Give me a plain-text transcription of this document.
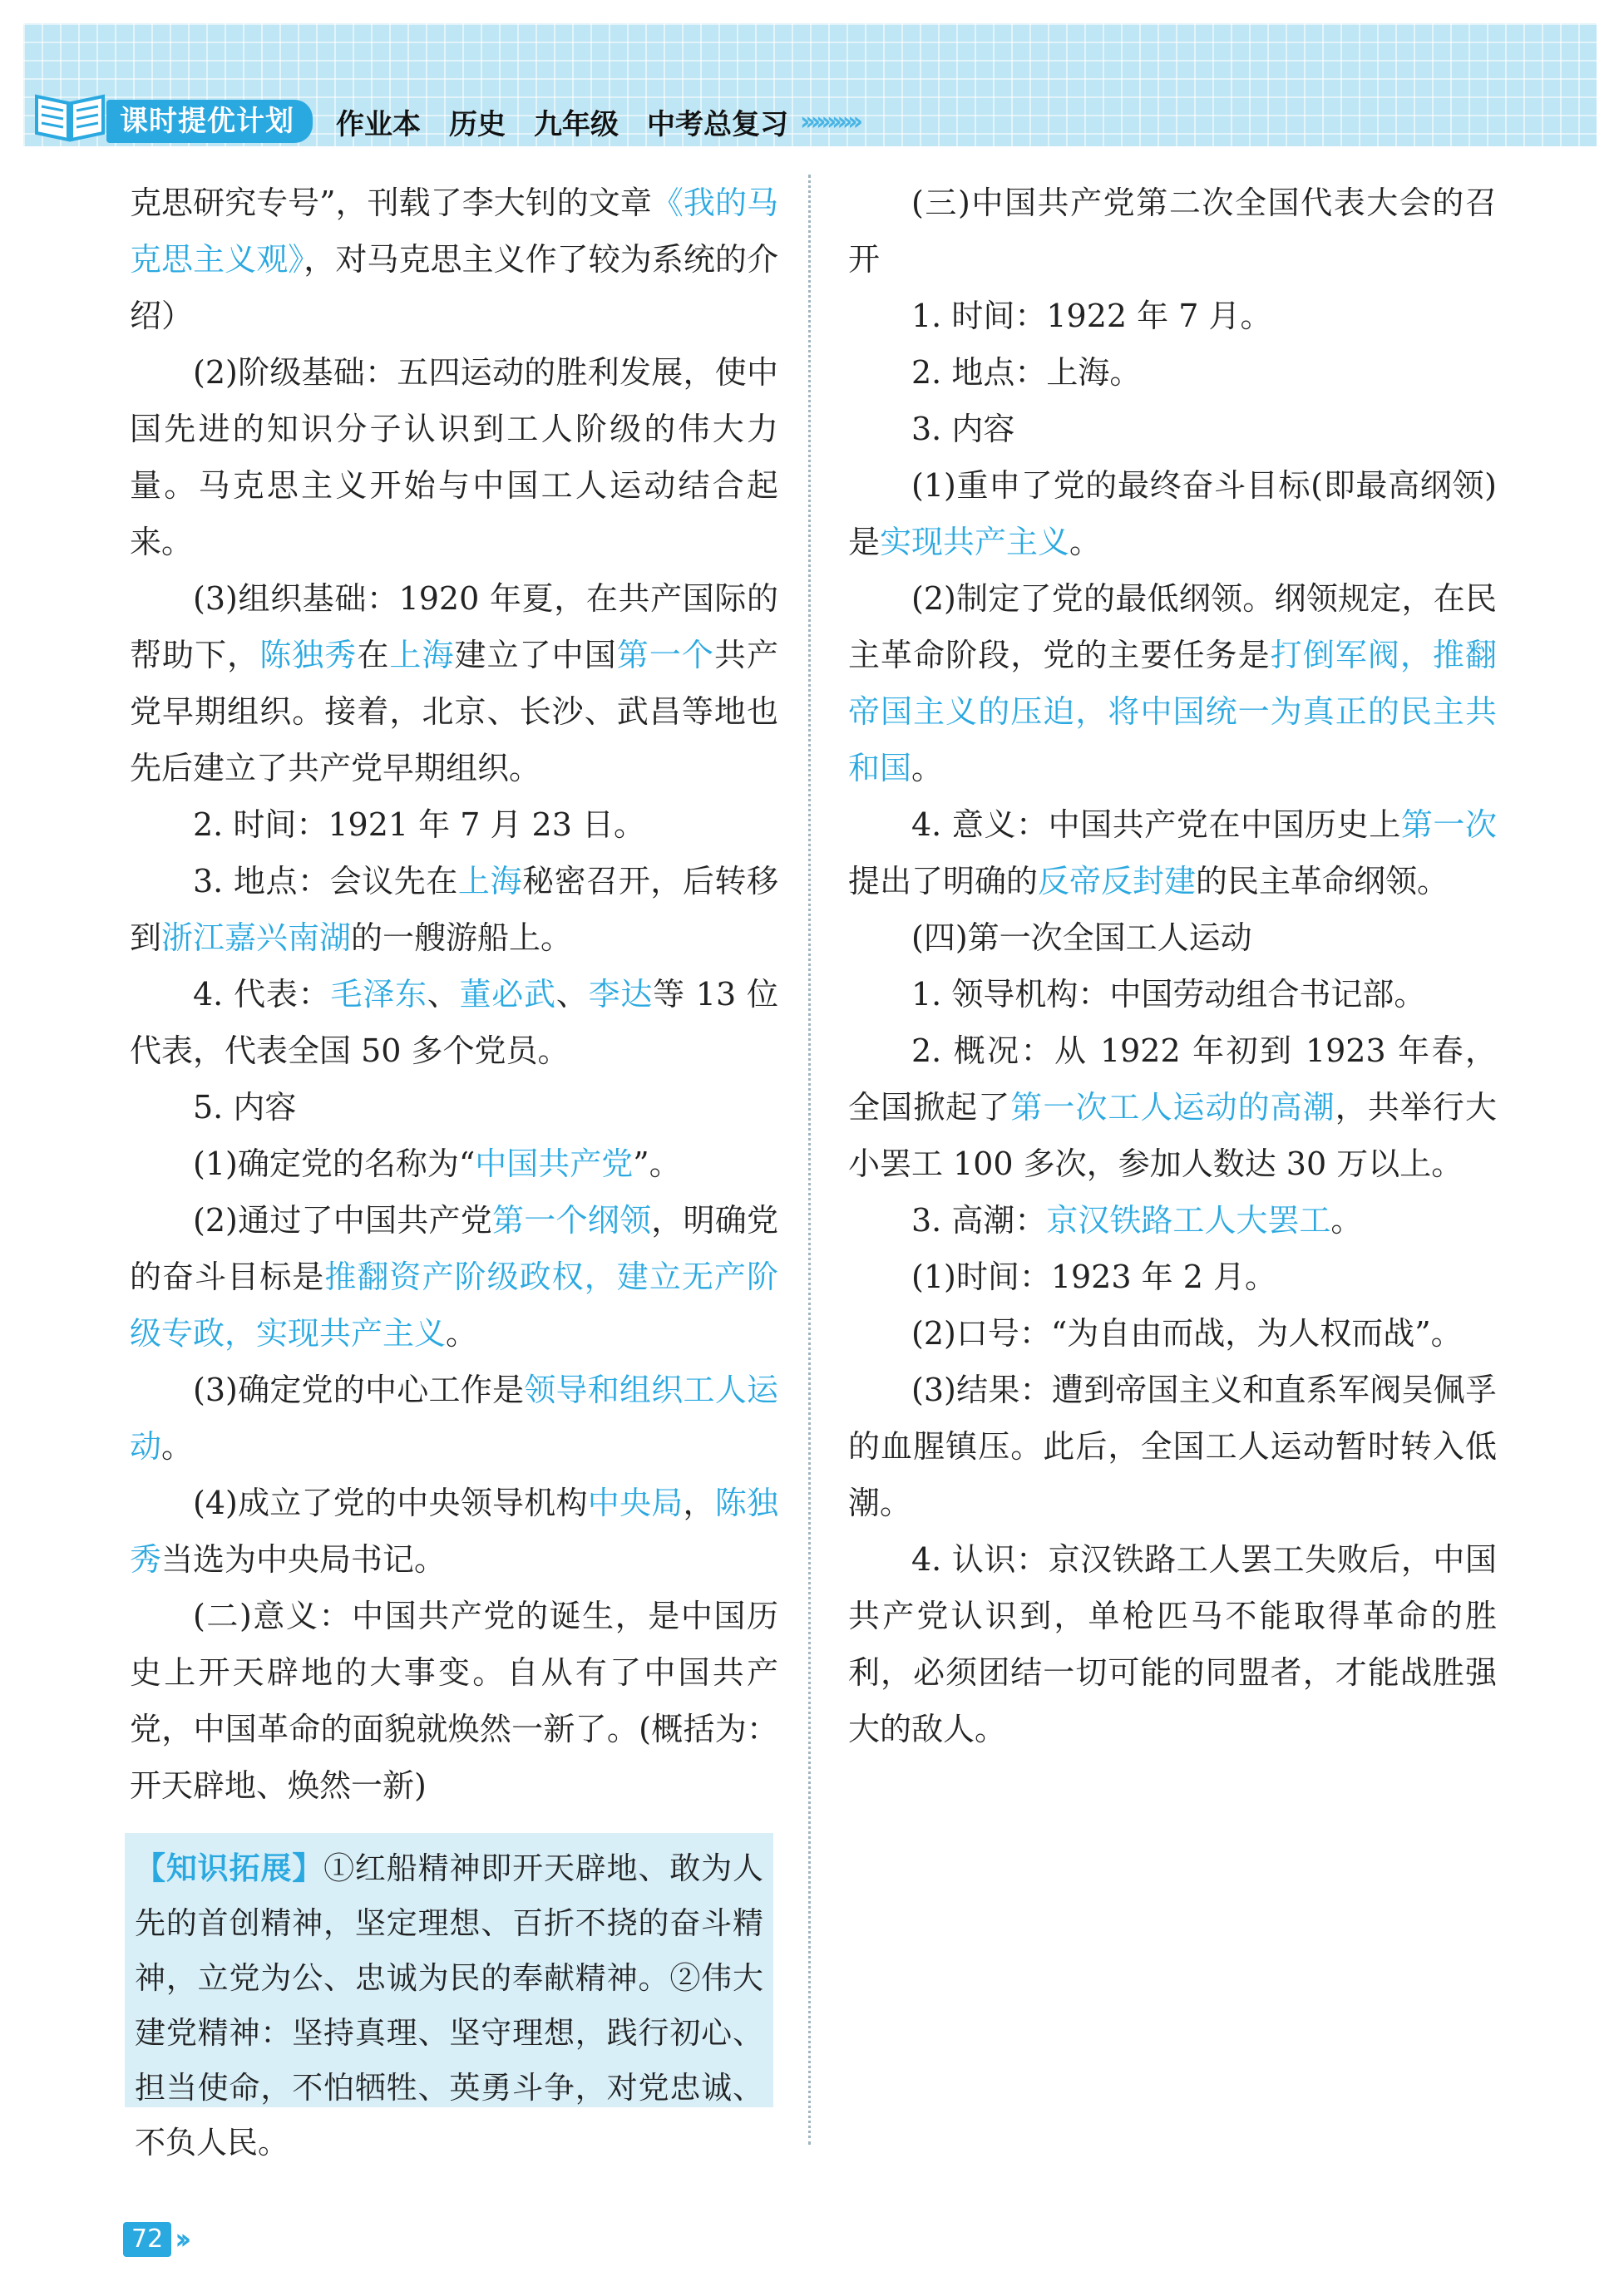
课时提优计划	作业本　历史　九年级　中考总复习 ›››››››››››

克思研究专号”，刊载了李大钊的文章《我的马克思主义观》，对马克思主义作了较为系统的介绍）

(2)阶级基础：五四运动的胜利发展，使中国先进的知识分子认识到工人阶级的伟大力量。马克思主义开始与中国工人运动结合起来。

(3)组织基础：1920 年夏，在共产国际的帮助下，陈独秀在上海建立了中国第一个共产党早期组织。接着，北京、长沙、武昌等地也先后建立了共产党早期组织。

2. 时间：1921 年 7 月 23 日。

3. 地点：会议先在上海秘密召开，后转移到浙江嘉兴南湖的一艘游船上。

4. 代表：毛泽东、董必武、李达等 13 位代表，代表全国 50 多个党员。

5. 内容

(1)确定党的名称为“中国共产党”。

(2)通过了中国共产党第一个纲领，明确党的奋斗目标是推翻资产阶级政权，建立无产阶级专政，实现共产主义。

(3)确定党的中心工作是领导和组织工人运动。

(4)成立了党的中央领导机构中央局，陈独秀当选为中央局书记。

(二)意义：中国共产党的诞生，是中国历史上开天辟地的大事变。自从有了中国共产党，中国革命的面貌就焕然一新了。(概括为：开天辟地、焕然一新)

(三)中国共产党第二次全国代表大会的召开

1. 时间：1922 年 7 月。

2. 地点：上海。

3. 内容

(1)重申了党的最终奋斗目标(即最高纲领)是实现共产主义。

(2)制定了党的最低纲领。纲领规定，在民主革命阶段，党的主要任务是打倒军阀，推翻帝国主义的压迫，将中国统一为真正的民主共和国。

4. 意义：中国共产党在中国历史上第一次提出了明确的反帝反封建的民主革命纲领。

(四)第一次全国工人运动

1. 领导机构：中国劳动组合书记部。

2. 概况：从 1922 年初到 1923 年春，全国掀起了第一次工人运动的高潮，共举行大小罢工 100 多次，参加人数达 30 万以上。

3. 高潮：京汉铁路工人大罢工。

(1)时间：1923 年 2 月。

(2)口号：“为自由而战，为人权而战”。

(3)结果：遭到帝国主义和直系军阀吴佩孚的血腥镇压。此后，全国工人运动暂时转入低潮。

4. 认识：京汉铁路工人罢工失败后，中国共产党认识到，单枪匹马不能取得革命的胜利，必须团结一切可能的同盟者，才能战胜强大的敌人。

【知识拓展】①红船精神即开天辟地、敢为人先的首创精神，坚定理想、百折不挠的奋斗精神，立党为公、忠诚为民的奉献精神。②伟大建党精神：坚持真理、坚守理想，践行初心、担当使命，不怕牺牲、英勇斗争，对党忠诚、不负人民。
72 ››
